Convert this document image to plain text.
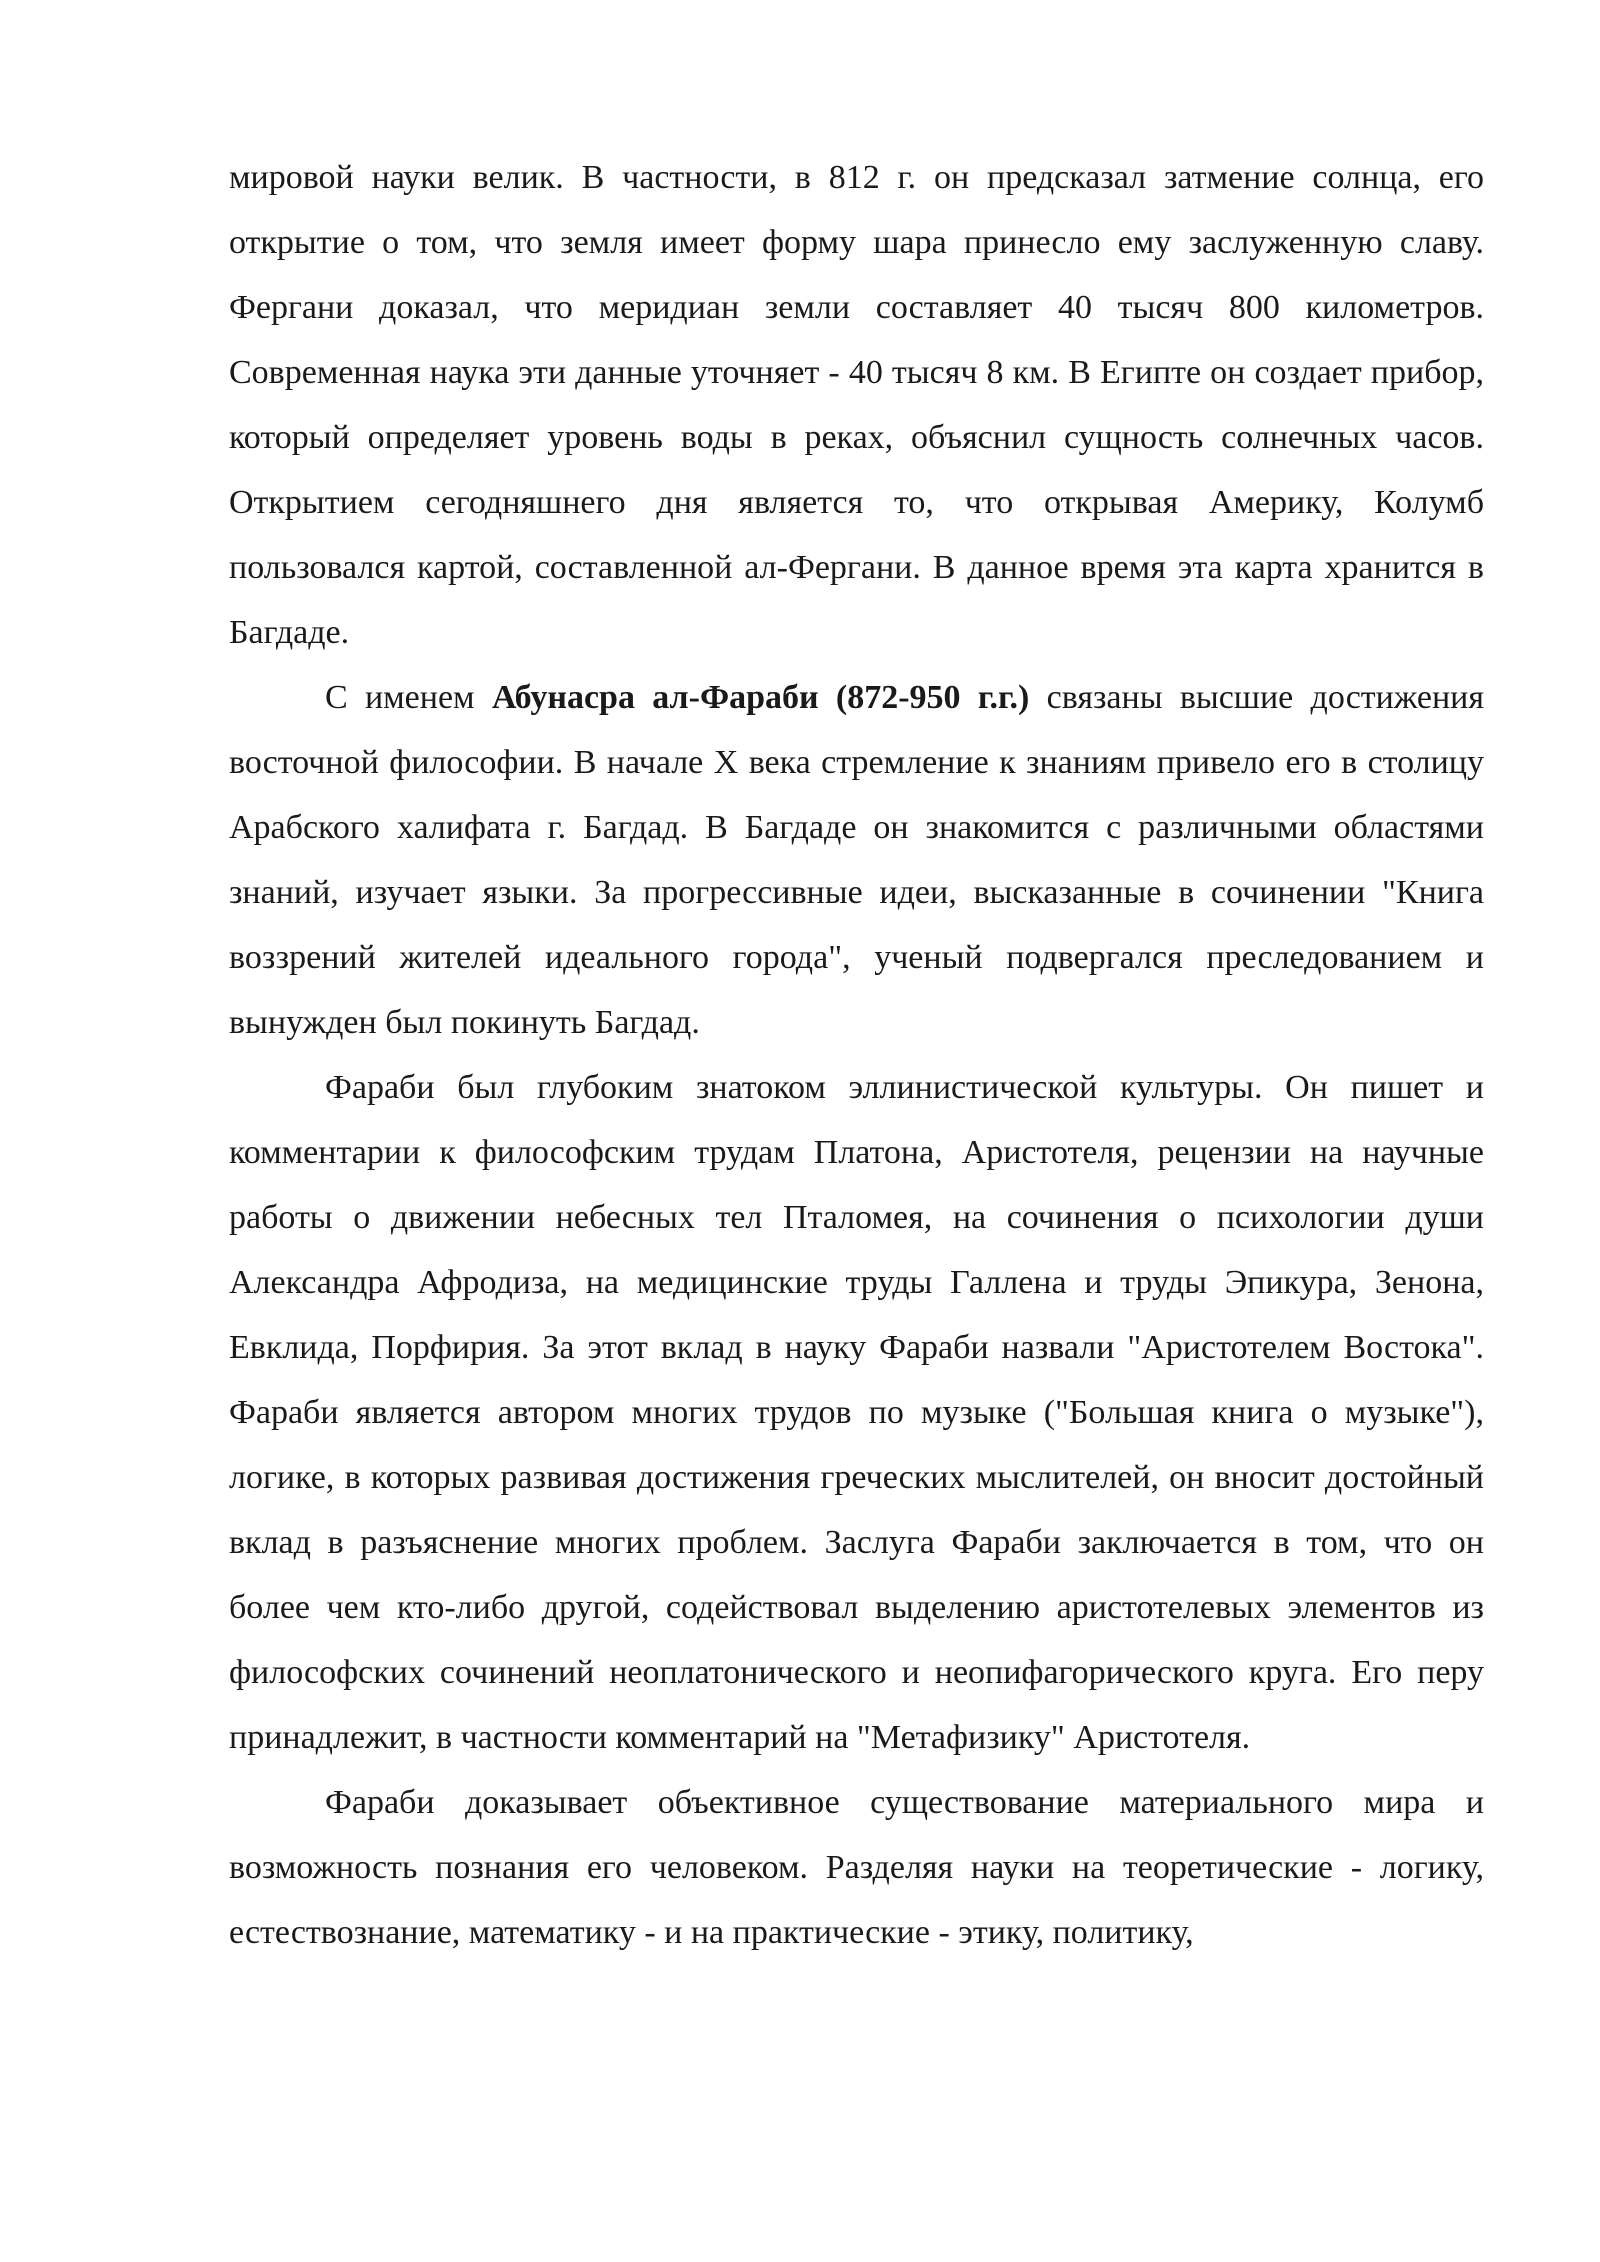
мировой науки велик. В частности, в 812 г. он предсказал затмение солнца, его открытие о том, что земля имеет форму шара принесло ему заслуженную славу. Фергани доказал, что меридиан земли составляет 40 тысяч 800 километров. Современная наука эти данные уточняет - 40 тысяч 8 км. В Египте он создает прибор, который определяет уровень воды в реках, объяснил сущность солнечных часов. Открытием сегодняшнего дня является то, что открывая Америку, Колумб пользовался картой, составленной ал-Фергани. В данное время эта карта хранится в Багдаде.

С именем Абунасра ал-Фараби (872-950 г.г.) связаны высшие достижения восточной философии. В начале X века стремление к знаниям привело его в столицу Арабского халифата г. Багдад. В Багдаде он знакомится с различными областями знаний, изучает языки. За прогрессивные идеи, высказанные в сочинении "Книга воззрений жителей идеального города", ученый подвергался преследованием и вынужден был покинуть Багдад.

Фараби был глубоким знатоком эллинистической культуры. Он пишет и комментарии к философским трудам Платона, Аристотеля, рецензии на научные работы о движении небесных тел Пталомея, на сочинения о психологии души Александра Афродиза, на медицинские труды Галлена и труды Эпикура, Зенона, Евклида, Порфирия. За этот вклад в науку Фараби назвали "Аристотелем Востока". Фараби является автором многих трудов по музыке ("Большая книга о музыке"), логике, в которых развивая достижения греческих мыслителей, он вносит достойный вклад в разъяснение многих проблем. Заслуга Фараби заключается в том, что он более чем кто-либо другой, содействовал выделению аристотелевых элементов из философских сочинений неоплатонического и неопифагорического круга. Его перу принадлежит, в частности комментарий на "Метафизику" Аристотеля.

Фараби доказывает объективное существование материального мира и возможность познания его человеком. Разделяя науки на теоретические - логику, естествознание, математику - и на практические - этику, политику,
